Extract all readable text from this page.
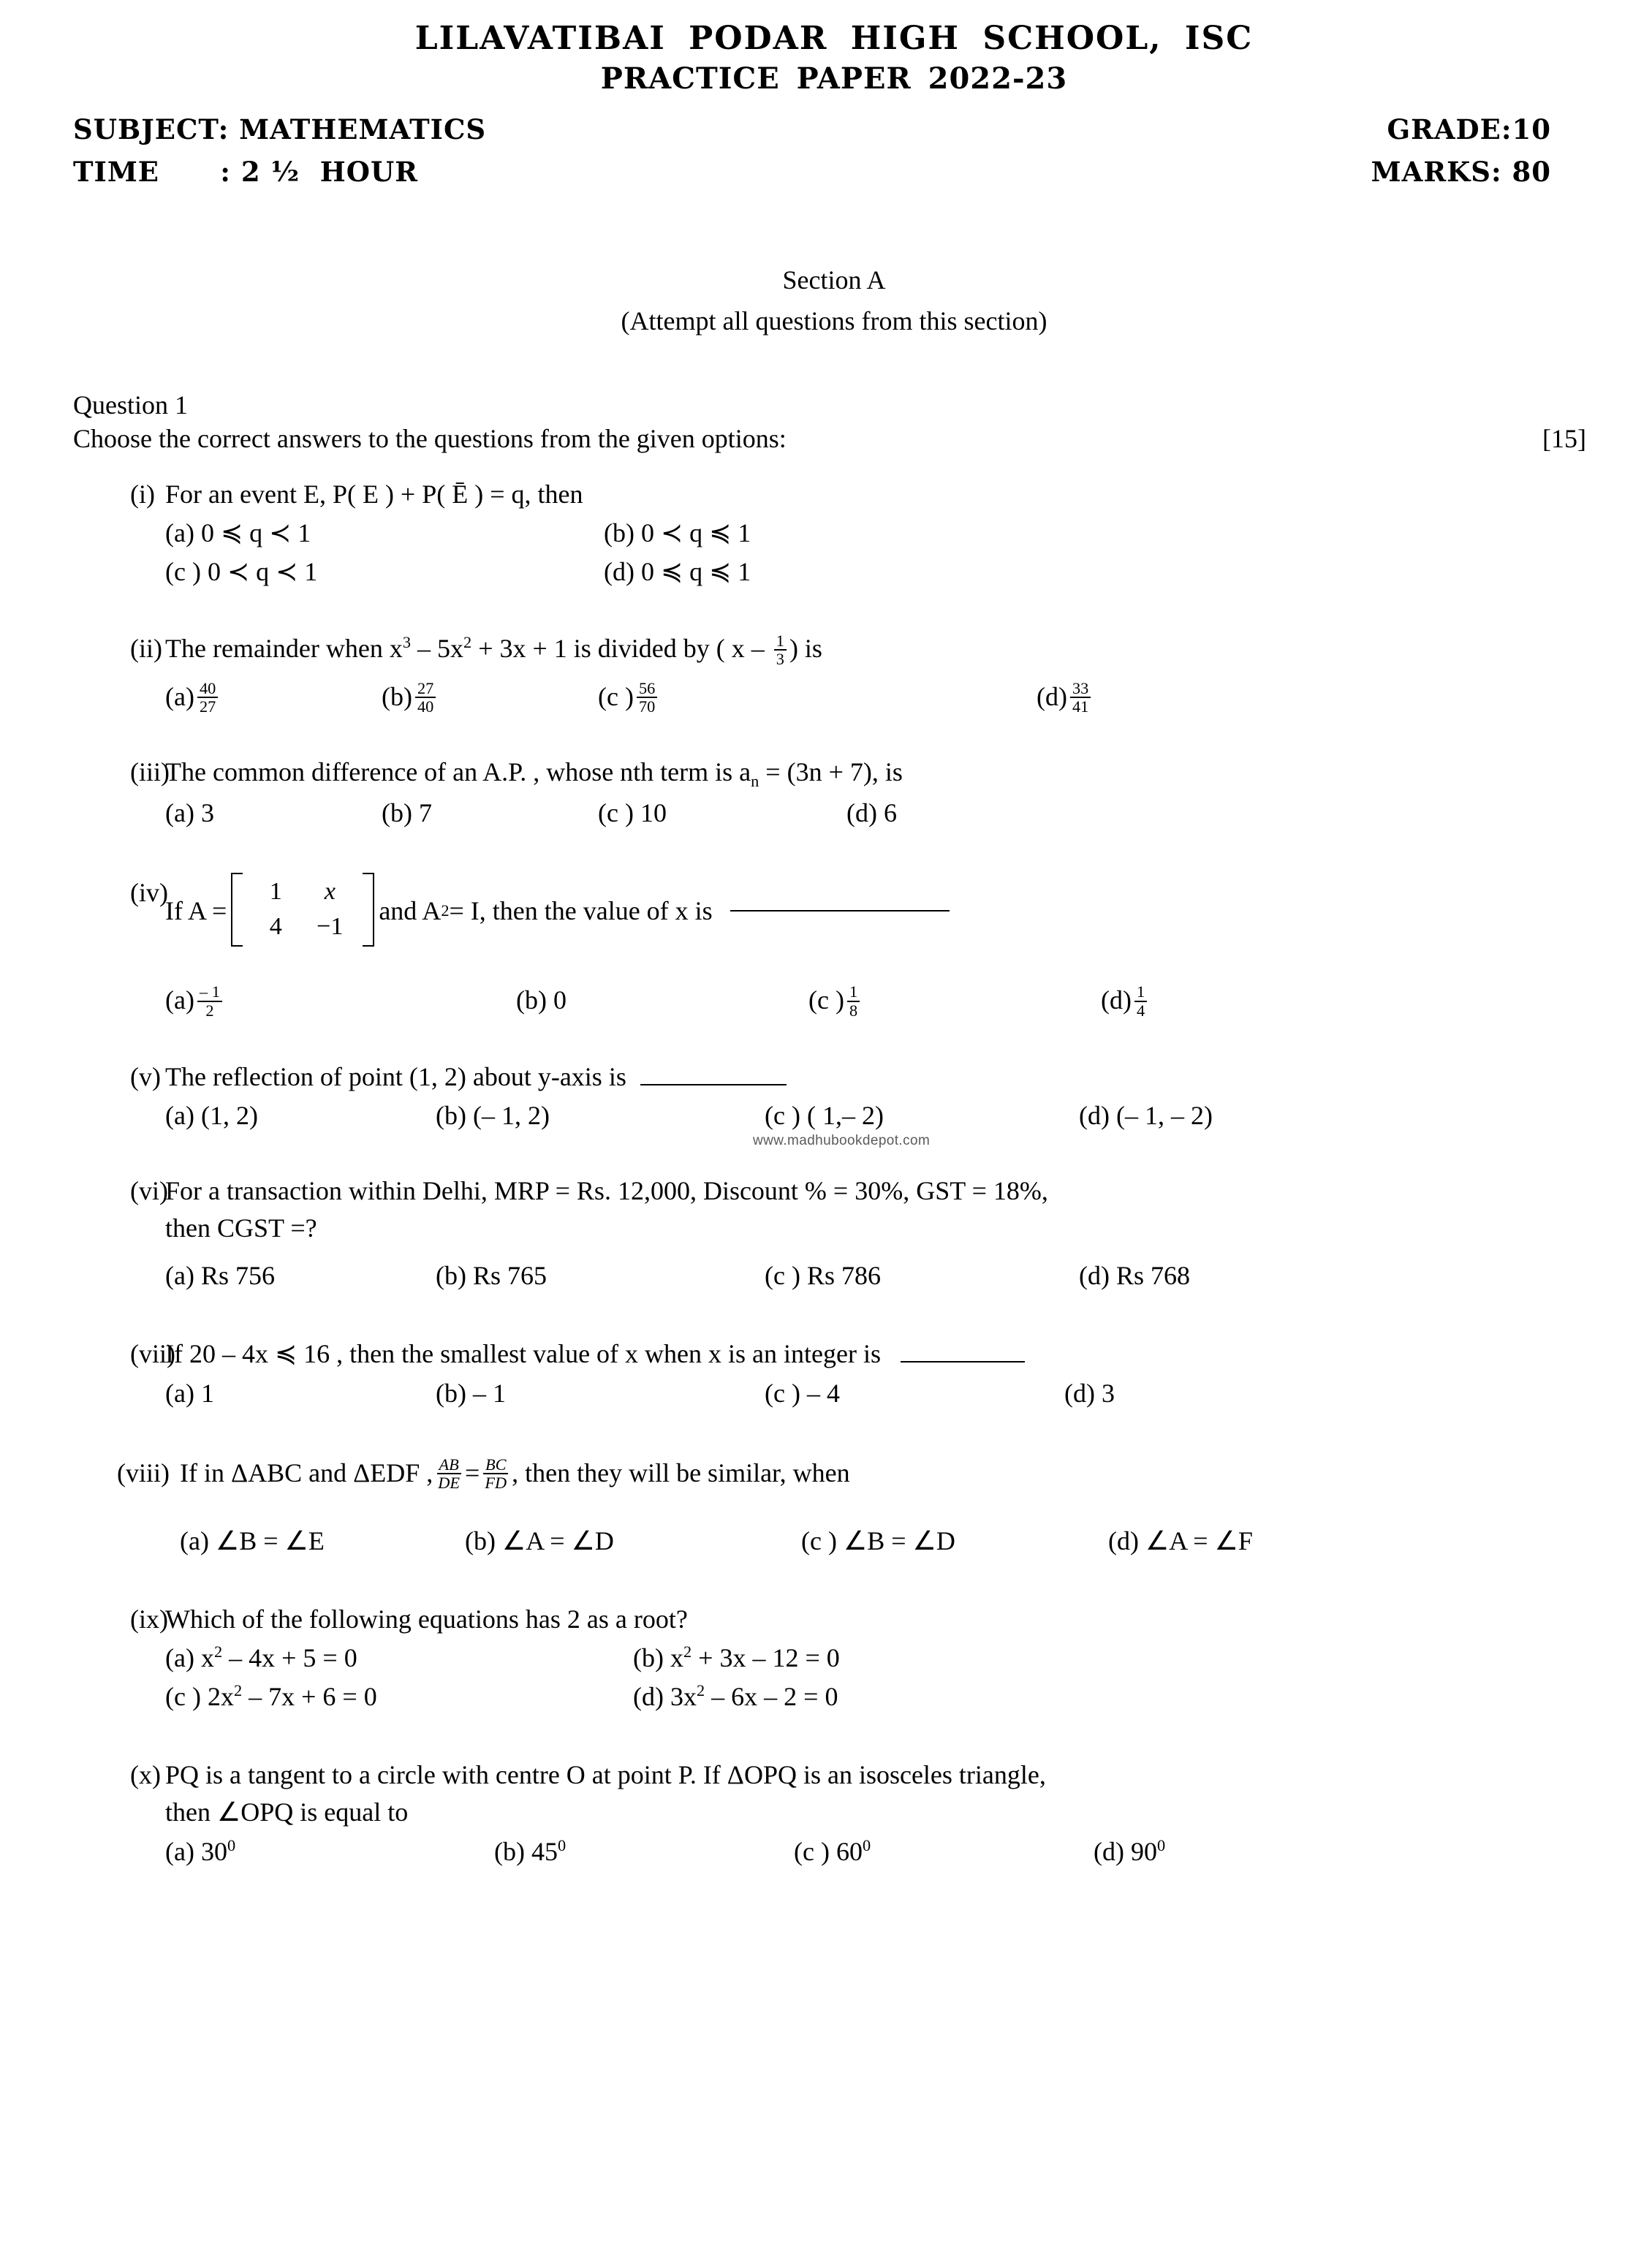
LILAVATIBAI PODAR HIGH SCHOOL, ISC
PRACTICE PAPER 2022-23
SUBJECT: MATHEMATICS	GRADE:10
TIME      : 2 ½  HOUR	MARKS: 80
Section A
(Attempt all questions from this section)
Question 1
Choose the correct answers to the questions from the given options:	[15]
(i) For an event E, P( E ) + P( Ē ) = q, then
(a) 0 ≼ q ≺ 1	(b) 0 ≺ q ≼ 1
(c ) 0 ≺ q ≺ 1	(d) 0 ≼ q ≼ 1
(ii) The remainder when $x^3 - 5x^2 + 3x + 1$ is divided by ( x – $\frac{1}{3}$ ) is
$(a) \frac{40}{27}$	$(b) \frac{27}{40}$	(c ) $\frac{56}{70}$	$(d) \frac{33}{41}$
(iii)
The common difference of an A.P. , whose nth term is $a_n = (3n + 7)$, is
(a) 3	(b) 7	(c ) 10	(d) 6
(iv)
If A =
1	x
4	−1
and A 2 = I, then the value of x is
$(a) \frac{- 1}{2}$	(b) 0	(c ) $\frac{1}{8}$	$(d) \frac{1}{4}$
(v) The reflection of point (1, 2) about y-axis is
(a) (1, 2)	(b) (– 1, 2)	(c ) ( 1,– 2)	(d) (– 1, – 2)
(vi)
For a transaction within Delhi, MRP = Rs. 12,000, Discount % = 30%, GST = 18%,
then CGST =?
(a) Rs 756	(b) Rs 765	(c ) Rs 786	(d) Rs 768
(vii)
If 20 – 4x ≼ 16 , then the smallest value of x when x is an integer is
(a) 1	(b) – 1	(c ) – 4	(d) 3
(viii) If in ΔABC and ΔEDF , $\frac{AB}{DE} = \frac{BC}{FD}$ , then they will be similar, when
(a) ∠B = ∠E	(b) ∠A = ∠D	(c ) ∠B = ∠D	(d) ∠A = ∠F
(ix)
Which of the following equations has 2 as a root?
(a) $x^2 - 4x + 5 = 0$	(b) $x^2 + 3x - 12 = 0$
(c ) $2x^2 - 7x + 6 = 0$	(d) $3x^2 - 6x - 2 = 0$
(x) PQ is a tangent to a circle with centre O at point P. If ΔOPQ is an isosceles triangle,
then ∠OPQ is equal to
(a) $30^0$	(b) $45^0$	(c ) $60^0$	(d) $90^0$
www.madhubookdepot.com
